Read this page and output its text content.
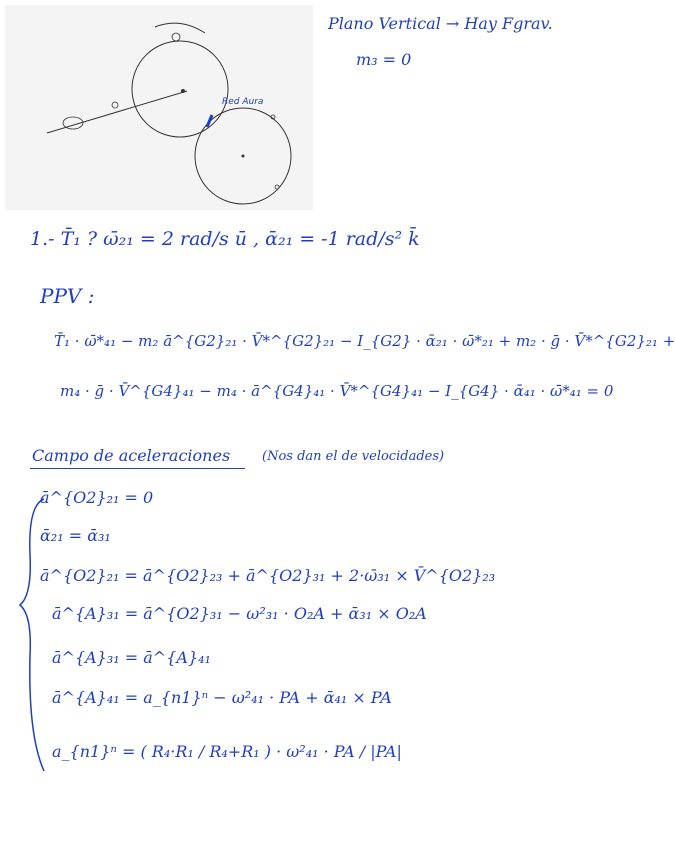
Red Aura
Plano Vertical → Hay Fgrav.
m₃ = 0
1.- T̄₁ ? ω̄₂₁ = 2 rad/s ū , ᾱ₂₁ = -1 rad/s² k̄
PPV :
T̄₁ · ω̄*₄₁ − m₂ ā^{G2}₂₁ · V̄*^{G2}₂₁ − I_{G2} · ᾱ₂₁ · ω̄*₂₁ + m₂ · ḡ · V̄*^{G2}₂₁ +
m₄ · ḡ · V̄^{G4}₄₁ − m₄ · ā^{G4}₄₁ · V̄*^{G4}₄₁ − I_{G4} · ᾱ₄₁ · ω̄*₄₁ = 0
Campo de aceleraciones (Nos dan el de velocidades)
ā^{O2}₂₁ = 0
ᾱ₂₁ = ᾱ₃₁
ā^{O2}₂₁ = ā^{O2}₂₃ + ā^{O2}₃₁ + 2·ω̄₃₁ × V̄^{O2}₂₃
ā^{A}₃₁ = ā^{O2}₃₁ − ω²₃₁ · O₂A + ᾱ₃₁ × O₂A
ā^{A}₃₁ = ā^{A}₄₁
ā^{A}₄₁ = a_{n1}ⁿ − ω²₄₁ · PA + ᾱ₄₁ × PA
a_{n1}ⁿ = ( R₄·R₁ / R₄+R₁ ) · ω²₄₁ · PA / |PA|
